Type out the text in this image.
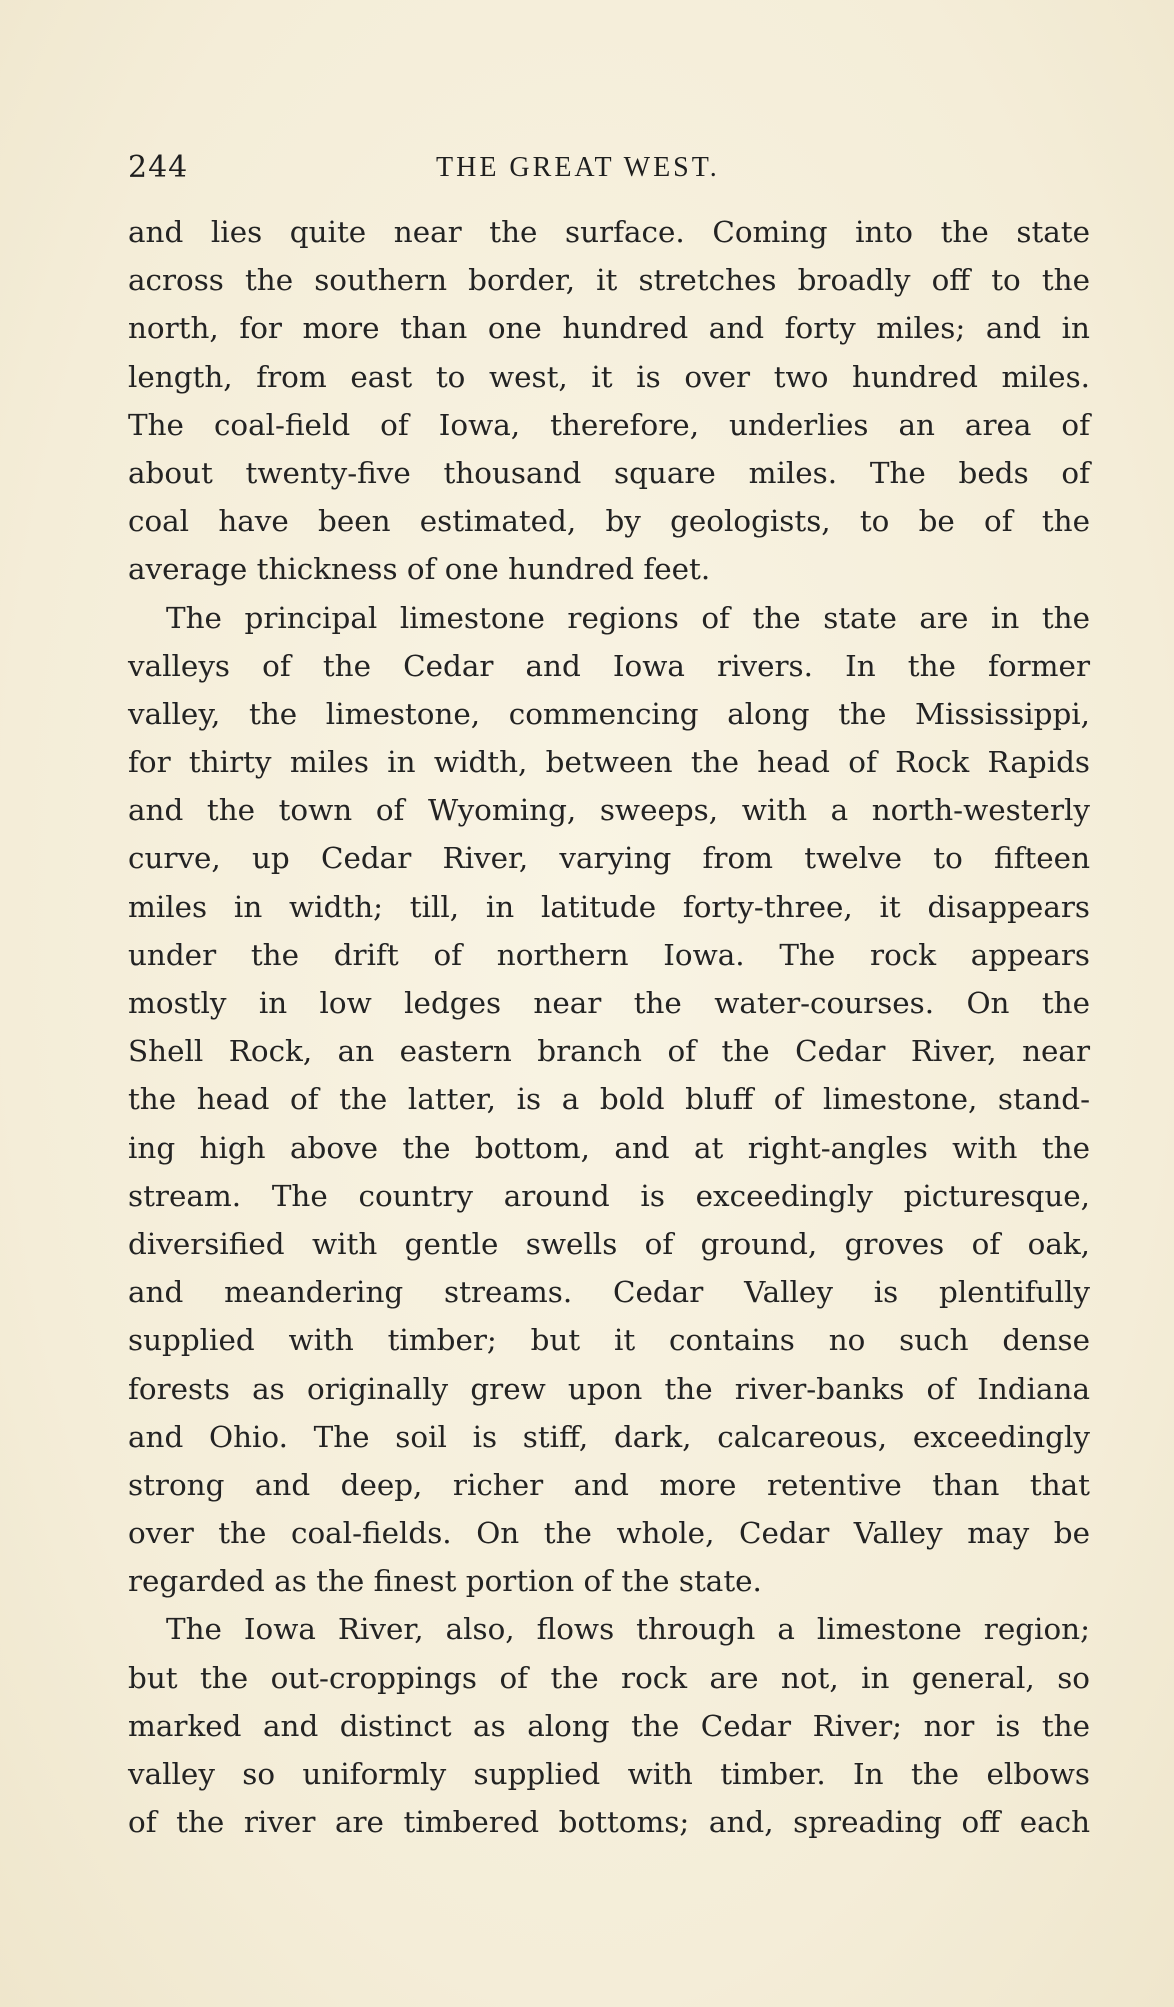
244	THE GREAT WEST.
and lies quite near the surface. Coming into the state
across the southern border, it stretches broadly off to the
north, for more than one hundred and forty miles; and in
length, from east to west, it is over two hundred miles.
The coal-field of Iowa, therefore, underlies an area of
about twenty-five thousand square miles. The beds of
coal have been estimated, by geologists, to be of the
average thickness of one hundred feet.
The principal limestone regions of the state are in the
valleys of the Cedar and Iowa rivers. In the former
valley, the limestone, commencing along the Mississippi,
for thirty miles in width, between the head of Rock Rapids
and the town of Wyoming, sweeps, with a north-westerly
curve, up Cedar River, varying from twelve to fifteen
miles in width; till, in latitude forty-three, it disappears
under the drift of northern Iowa. The rock appears
mostly in low ledges near the water-courses. On the
Shell Rock, an eastern branch of the Cedar River, near
the head of the latter, is a bold bluff of limestone, stand-
ing high above the bottom, and at right-angles with the
stream. The country around is exceedingly picturesque,
diversified with gentle swells of ground, groves of oak,
and meandering streams. Cedar Valley is plentifully
supplied with timber; but it contains no such dense
forests as originally grew upon the river-banks of Indiana
and Ohio. The soil is stiff, dark, calcareous, exceedingly
strong and deep, richer and more retentive than that
over the coal-fields. On the whole, Cedar Valley may be
regarded as the finest portion of the state.
The Iowa River, also, flows through a limestone region;
but the out-croppings of the rock are not, in general, so
marked and distinct as along the Cedar River; nor is the
valley so uniformly supplied with timber. In the elbows
of the river are timbered bottoms; and, spreading off each
